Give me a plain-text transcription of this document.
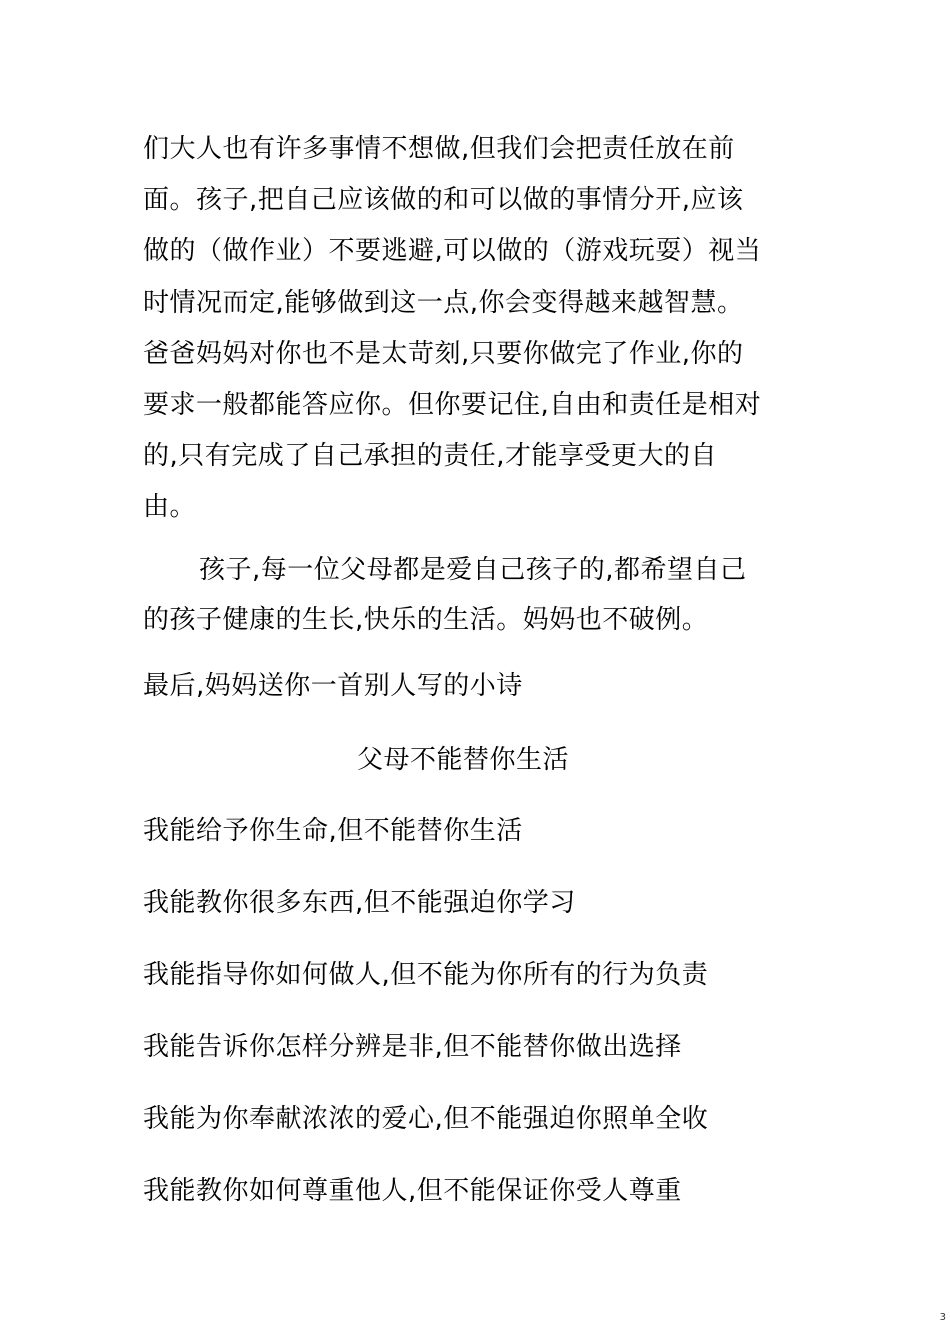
们大人也有许多事情不想做,但我们会把责任放在前面。孩子,把自己应该做的和可以做的事情分开,应该做的（做作业）不要逃避,可以做的（游戏玩耍）视当时情况而定,能够做到这一点,你会变得越来越智慧。爸爸妈妈对你也不是太苛刻,只要你做完了作业,你的要求一般都能答应你。但你要记住,自由和责任是相对的,只有完成了自己承担的责任,才能享受更大的自由。
孩子,每一位父母都是爱自己孩子的,都希望自己的孩子健康的生长,快乐的生活。妈妈也不破例。
最后,妈妈送你一首别人写的小诗
父母不能替你生活
我能给予你生命,但不能替你生活
我能教你很多东西,但不能强迫你学习
我能指导你如何做人,但不能为你所有的行为负责
我能告诉你怎样分辨是非,但不能替你做出选择
我能为你奉献浓浓的爱心,但不能强迫你照单全收
我能教你如何尊重他人,但不能保证你受人尊重
3
